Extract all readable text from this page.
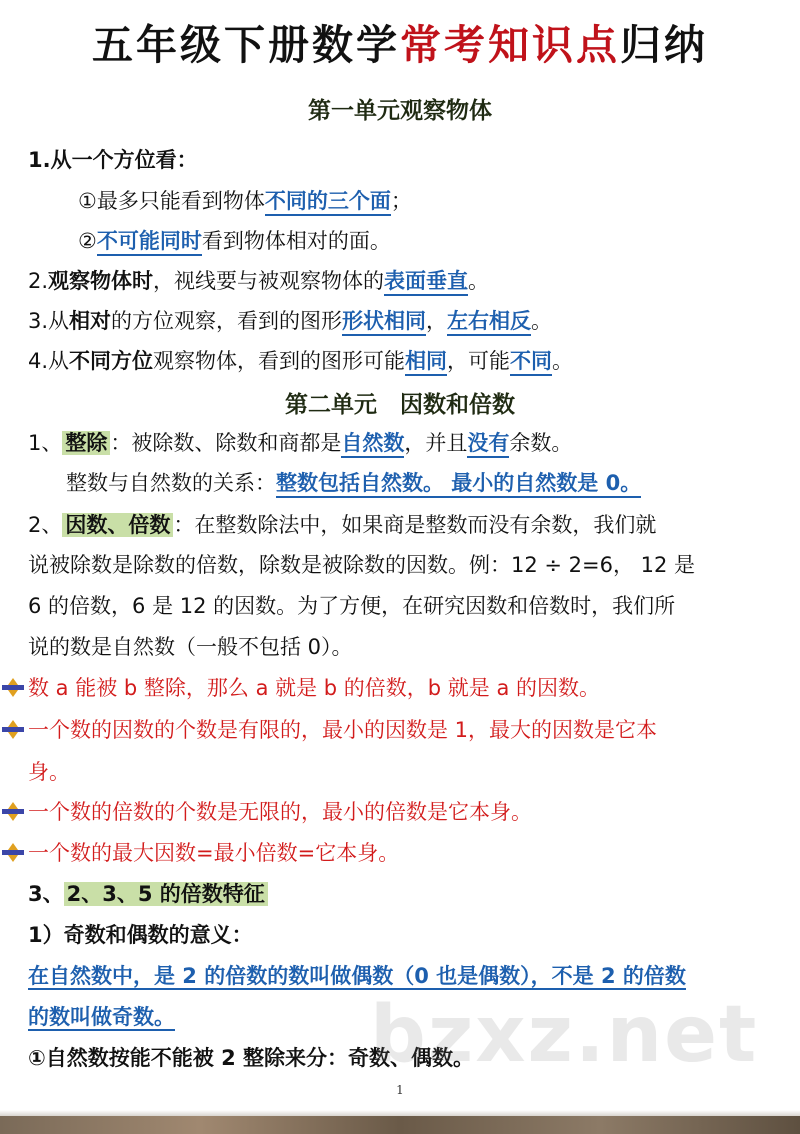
五年级下册数学常考知识点归纳
第一单元观察物体
1.从一个方位看：
①最多只能看到物体不同的三个面；
②不可能同时看到物体相对的面。
2.观察物体时，视线要与被观察物体的表面垂直。
3.从相对的方位观察，看到的图形形状相同，左右相反。
4.从不同方位观察物体，看到的图形可能相同，可能不同。
第二单元　因数和倍数
1、 整除 ：被除数、除数和商都是自然数，并且没有余数。
整数与自然数的关系：整数包括自然数。 最小的自然数是 0。
2、 因数、倍数 ：在整数除法中，如果商是整数而没有余数，我们就
说被除数是除数的倍数，除数是被除数的因数。例：12 ÷ 2=6， 12 是
6 的倍数，6 是 12 的因数。为了方便，在研究因数和倍数时，我们所
说的数是自然数（一般不包括 0）。
数 a 能被 b 整除，那么 a 就是 b 的倍数，b 就是 a 的因数。
一个数的因数的个数是有限的，最小的因数是 1，最大的因数是它本
身。
一个数的倍数的个数是无限的，最小的倍数是它本身。
一个数的最大因数=最小倍数=它本身。
3、 2、3、5 的倍数特征
1）奇数和偶数的意义：
在自然数中，是 2 的倍数的数叫做偶数（0 也是偶数），不是 2 的倍数
的数叫做奇数。
①自然数按能不能被 2 整除来分：奇数、偶数。
bzxz.net
1
